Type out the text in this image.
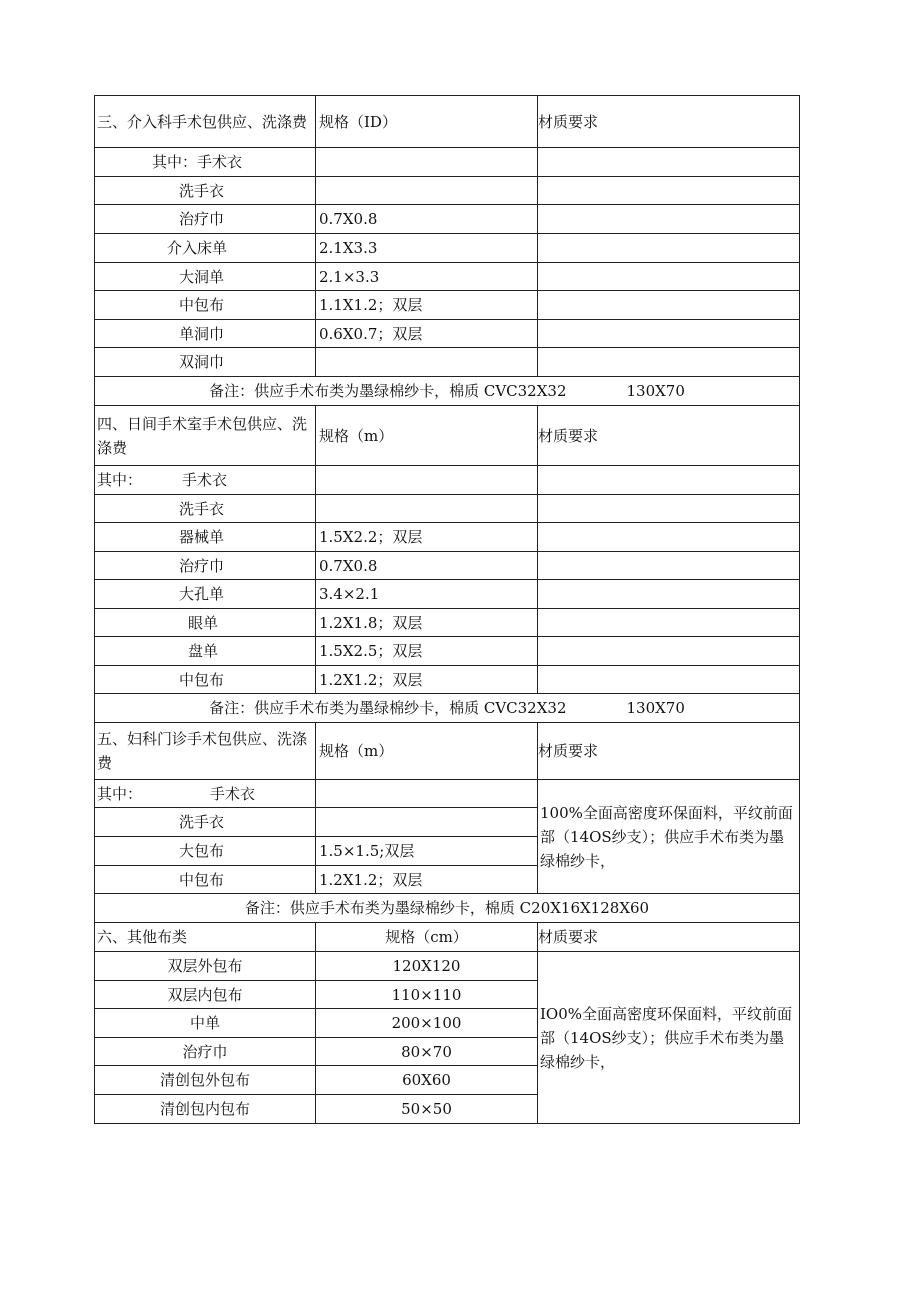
三、介入科手术包供应、洗涤费	规格（ID）	材质要求
其中：手术衣		
洗手衣		
治疗巾	0.7X0.8	
介入床单	2.1X3.3	
大洞单	2.1×3.3	
中包布	1.1X1.2；双层	
单洞巾	0.6X0.7；双层	
双洞巾		
备注：供应手术布类为墨绿棉纱卡，棉质 CVC32X32 130X70		
四、日间手术室手术包供应、洗涤费	规格（m）	材质要求
其中： 手术衣		
洗手衣		
器械单	1.5X2.2；双层	
治疗巾	0.7X0.8	
大孔单	3.4×2.1	
眼单	1.2X1.8；双层	
盘单	1.5X2.5；双层	
中包布	1.2X1.2；双层	
备注：供应手术布类为墨绿棉纱卡，棉质 CVC32X32 130X70		
五、妇科门诊手术包供应、洗涤费	规格（m）	材质要求
其中： 手术衣		100%全面高密度环保面料，平纹前面部（14OS纱支）；供应手术布类为墨绿棉纱卡，
洗手衣		
大包布	1.5×1.5;双层	
中包布	1.2X1.2；双层	
备注：供应手术布类为墨绿棉纱卡，棉质 C20X16X128X60		
六、其他布类	规格（cm）	材质要求
双层外包布	120X120	IO0%全面高密度环保面料，平纹前面部（14OS纱支）；供应手术布类为墨绿棉纱卡，
双层内包布	110×110	
中单	200×100	
治疗巾	80×70	
清创包外包布	60X60	
清创包内包布	50×50	
